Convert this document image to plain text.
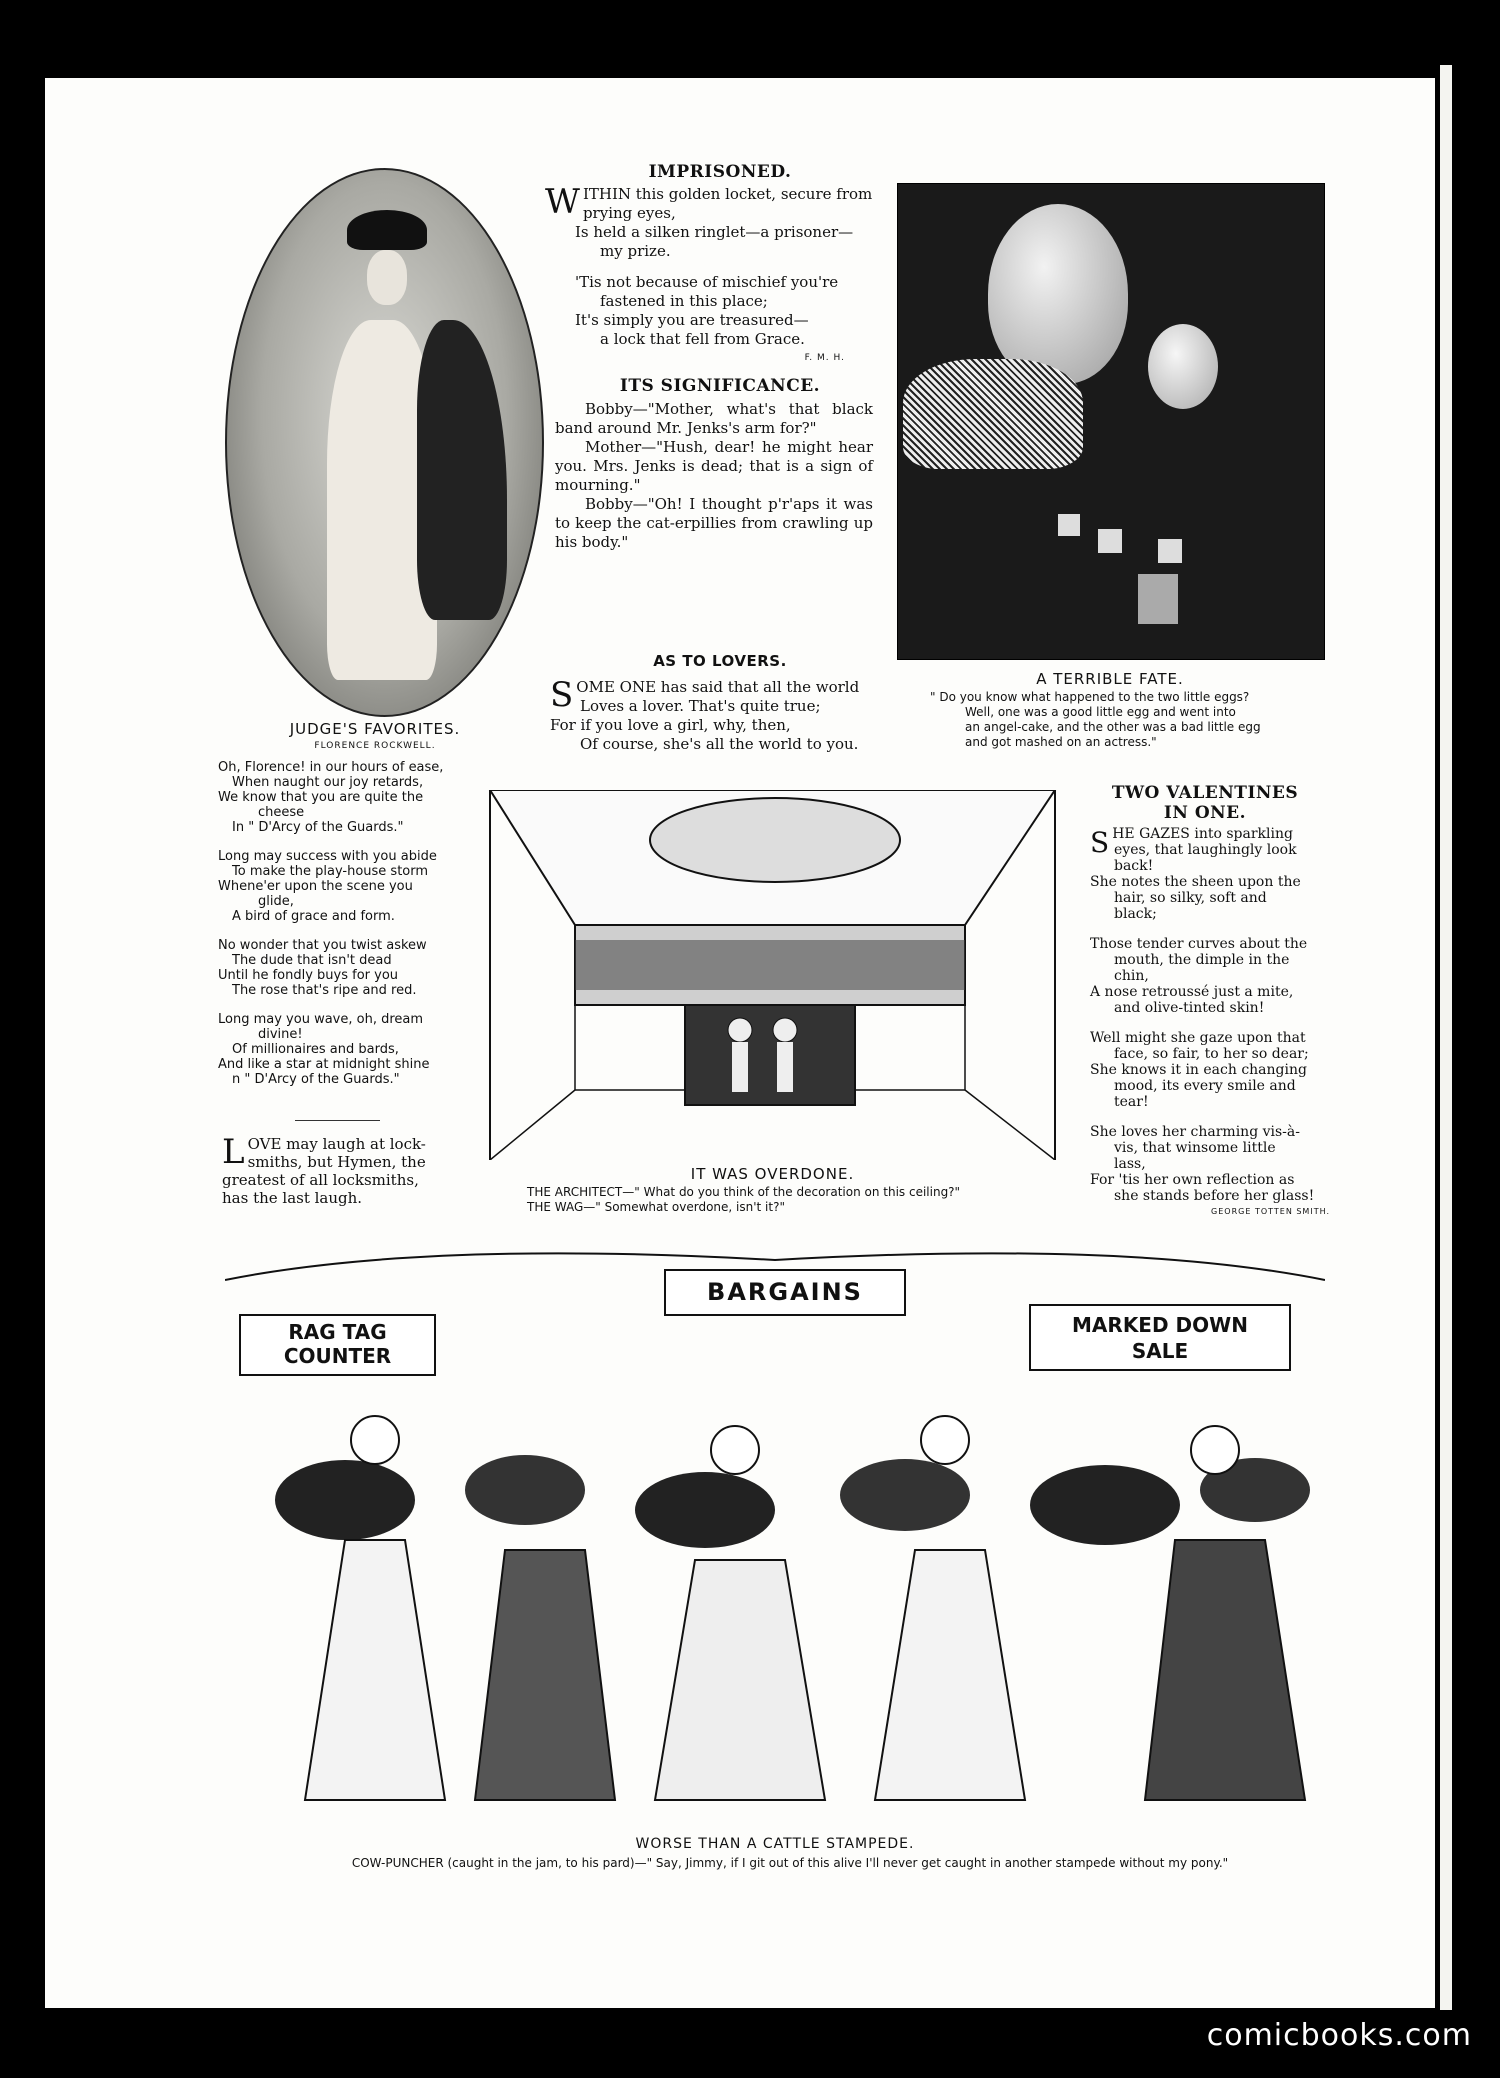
IMPRISONED.
W ITHIN this golden locket, secure from
prying eyes,
Is held a silken ringlet—a prisoner—
my prize.
'Tis not because of mischief you're
fastened in this place;
It's simply you are treasured—
a lock that fell from Grace.
F. M. H.
ITS SIGNIFICANCE.
Bobby—"Mother, what's that black band around Mr. Jenks's arm for?"
Mother—"Hush, dear! he might hear you. Mrs. Jenks is dead; that is a sign of mourning."
Bobby—"Oh! I thought p'r'aps it was to keep the cat-erpillies from crawling up his body."
AS TO LOVERS.
S OME ONE has said that all the world
Loves a lover. That's quite true;
For if you love a girl, why, then,
Of course, she's all the world to you.
A TERRIBLE FATE.
" Do you know what happened to the two little eggs?
Well, one was a good little egg and went into
an angel-cake, and the other was a bad little egg
and got mashed on an actress."
JUDGE'S FAVORITES.
FLORENCE ROCKWELL.
Oh, Florence! in our hours of ease,
When naught our joy retards,
We know that you are quite the
cheese
In " D'Arcy of the Guards."
Long may success with you abide
To make the play-house storm
Whene'er upon the scene you
glide,
A bird of grace and form.
No wonder that you twist askew
The dude that isn't dead
Until he fondly buys for you
The rose that's ripe and red.
Long may you wave, oh, dream
divine!
Of millionaires and bards,
And like a star at midnight shine
n " D'Arcy of the Guards."
L OVE may laugh at lock-
smiths, but Hymen, the
greatest of all locksmiths,
has the last laugh.
IT WAS OVERDONE.
THE ARCHITECT—" What do you think of the decoration on this ceiling?"
THE WAG—" Somewhat overdone, isn't it?"
TWO VALENTINES
IN ONE.
S HE GAZES into sparkling
eyes, that laughingly look
back!
She notes the sheen upon the
hair, so silky, soft and
black;
Those tender curves about the
mouth, the dimple in the
chin,
A nose retroussé just a mite,
and olive-tinted skin!
Well might she gaze upon that
face, so fair, to her so dear;
She knows it in each changing
mood, its every smile and
tear!
She loves her charming vis-à-
vis, that winsome little
lass,
For 'tis her own reflection as
she stands before her glass!
GEORGE TOTTEN SMITH.
BARGAINS
RAG TAG
COUNTER
MARKED DOWN
SALE
WORSE THAN A CATTLE STAMPEDE.
COW-PUNCHER (caught in the jam, to his pard)—" Say, Jimmy, if I git out of this alive I'll never get caught in another stampede without my pony."
comicbooks.com
